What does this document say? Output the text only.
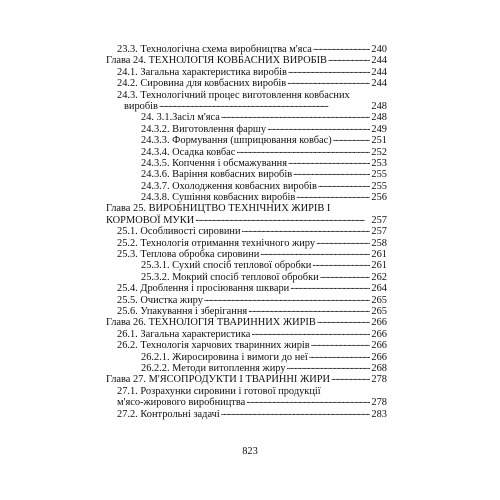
23.3. Технологічна схема виробництва м'яса . . .	240
Глава 24. ТЕХНОЛОГІЯ КОВБАСНИХ ВИРОБІВ . . .	244
24.1. Загальна характеристика виробів . . .	244
24.2. Сировина для ковбасних виробів . . .	244
24.3. Технологічний процес виготовлення ковбасних
виробів . . .	248
24. 3.1.Засіл м'яса . . .	248
24.3.2. Виготовлення фаршу . . .	249
24.3.3. Формування (шприцювання ковбас) . . .	251
24.3.4. Осадка ковбас . . .	252
24.3.5. Копчення і обсмажування . . .	253
24.3.6. Варіння ковбасних виробів . . .	255
24.3.7. Охолодження ковбасних виробів . . .	255
24.3.8. Сушіння ковбасних виробів . . .	256
Глава 25. ВИРОБНИЦТВО ТЕХНІЧНИХ ЖИРІВ І
КОРМОВОЇ МУКИ . . .	257
25.1. Особливості сировини . . .	257
25.2. Технологія отримання технічного жиру . . .	258
25.3. Теплова обробка сировини . . .	261
25.3.1. Сухий спосіб теплової обробки . . .	261
25.3.2. Мокрий спосіб теплової обробки . . .	262
25.4. Дроблення і просіювання шквари . . .	264
25.5. Очистка жиру . . .	265
25.6. Упакування і зберігання . . .	265
Глава 26. ТЕХНОЛОГІЯ ТВАРИННИХ ЖИРІВ . . .	266
26.1. Загальна характеристика . . .	266
26.2. Технологія харчових тваринних жирів . . .	266
26.2.1. Жиросировина і вимоги до неї . . .	266
26.2.2. Методи витоплення жиру . . .	268
Глава 27. М'ЯСОПРОДУКТИ І ТВАРИННІ ЖИРИ . . .	278
27.1. Розрахунки сировини і готової продукції
м'ясо-жирового виробництва . . .	278
27.2. Контрольні задачі . . .	283
823
